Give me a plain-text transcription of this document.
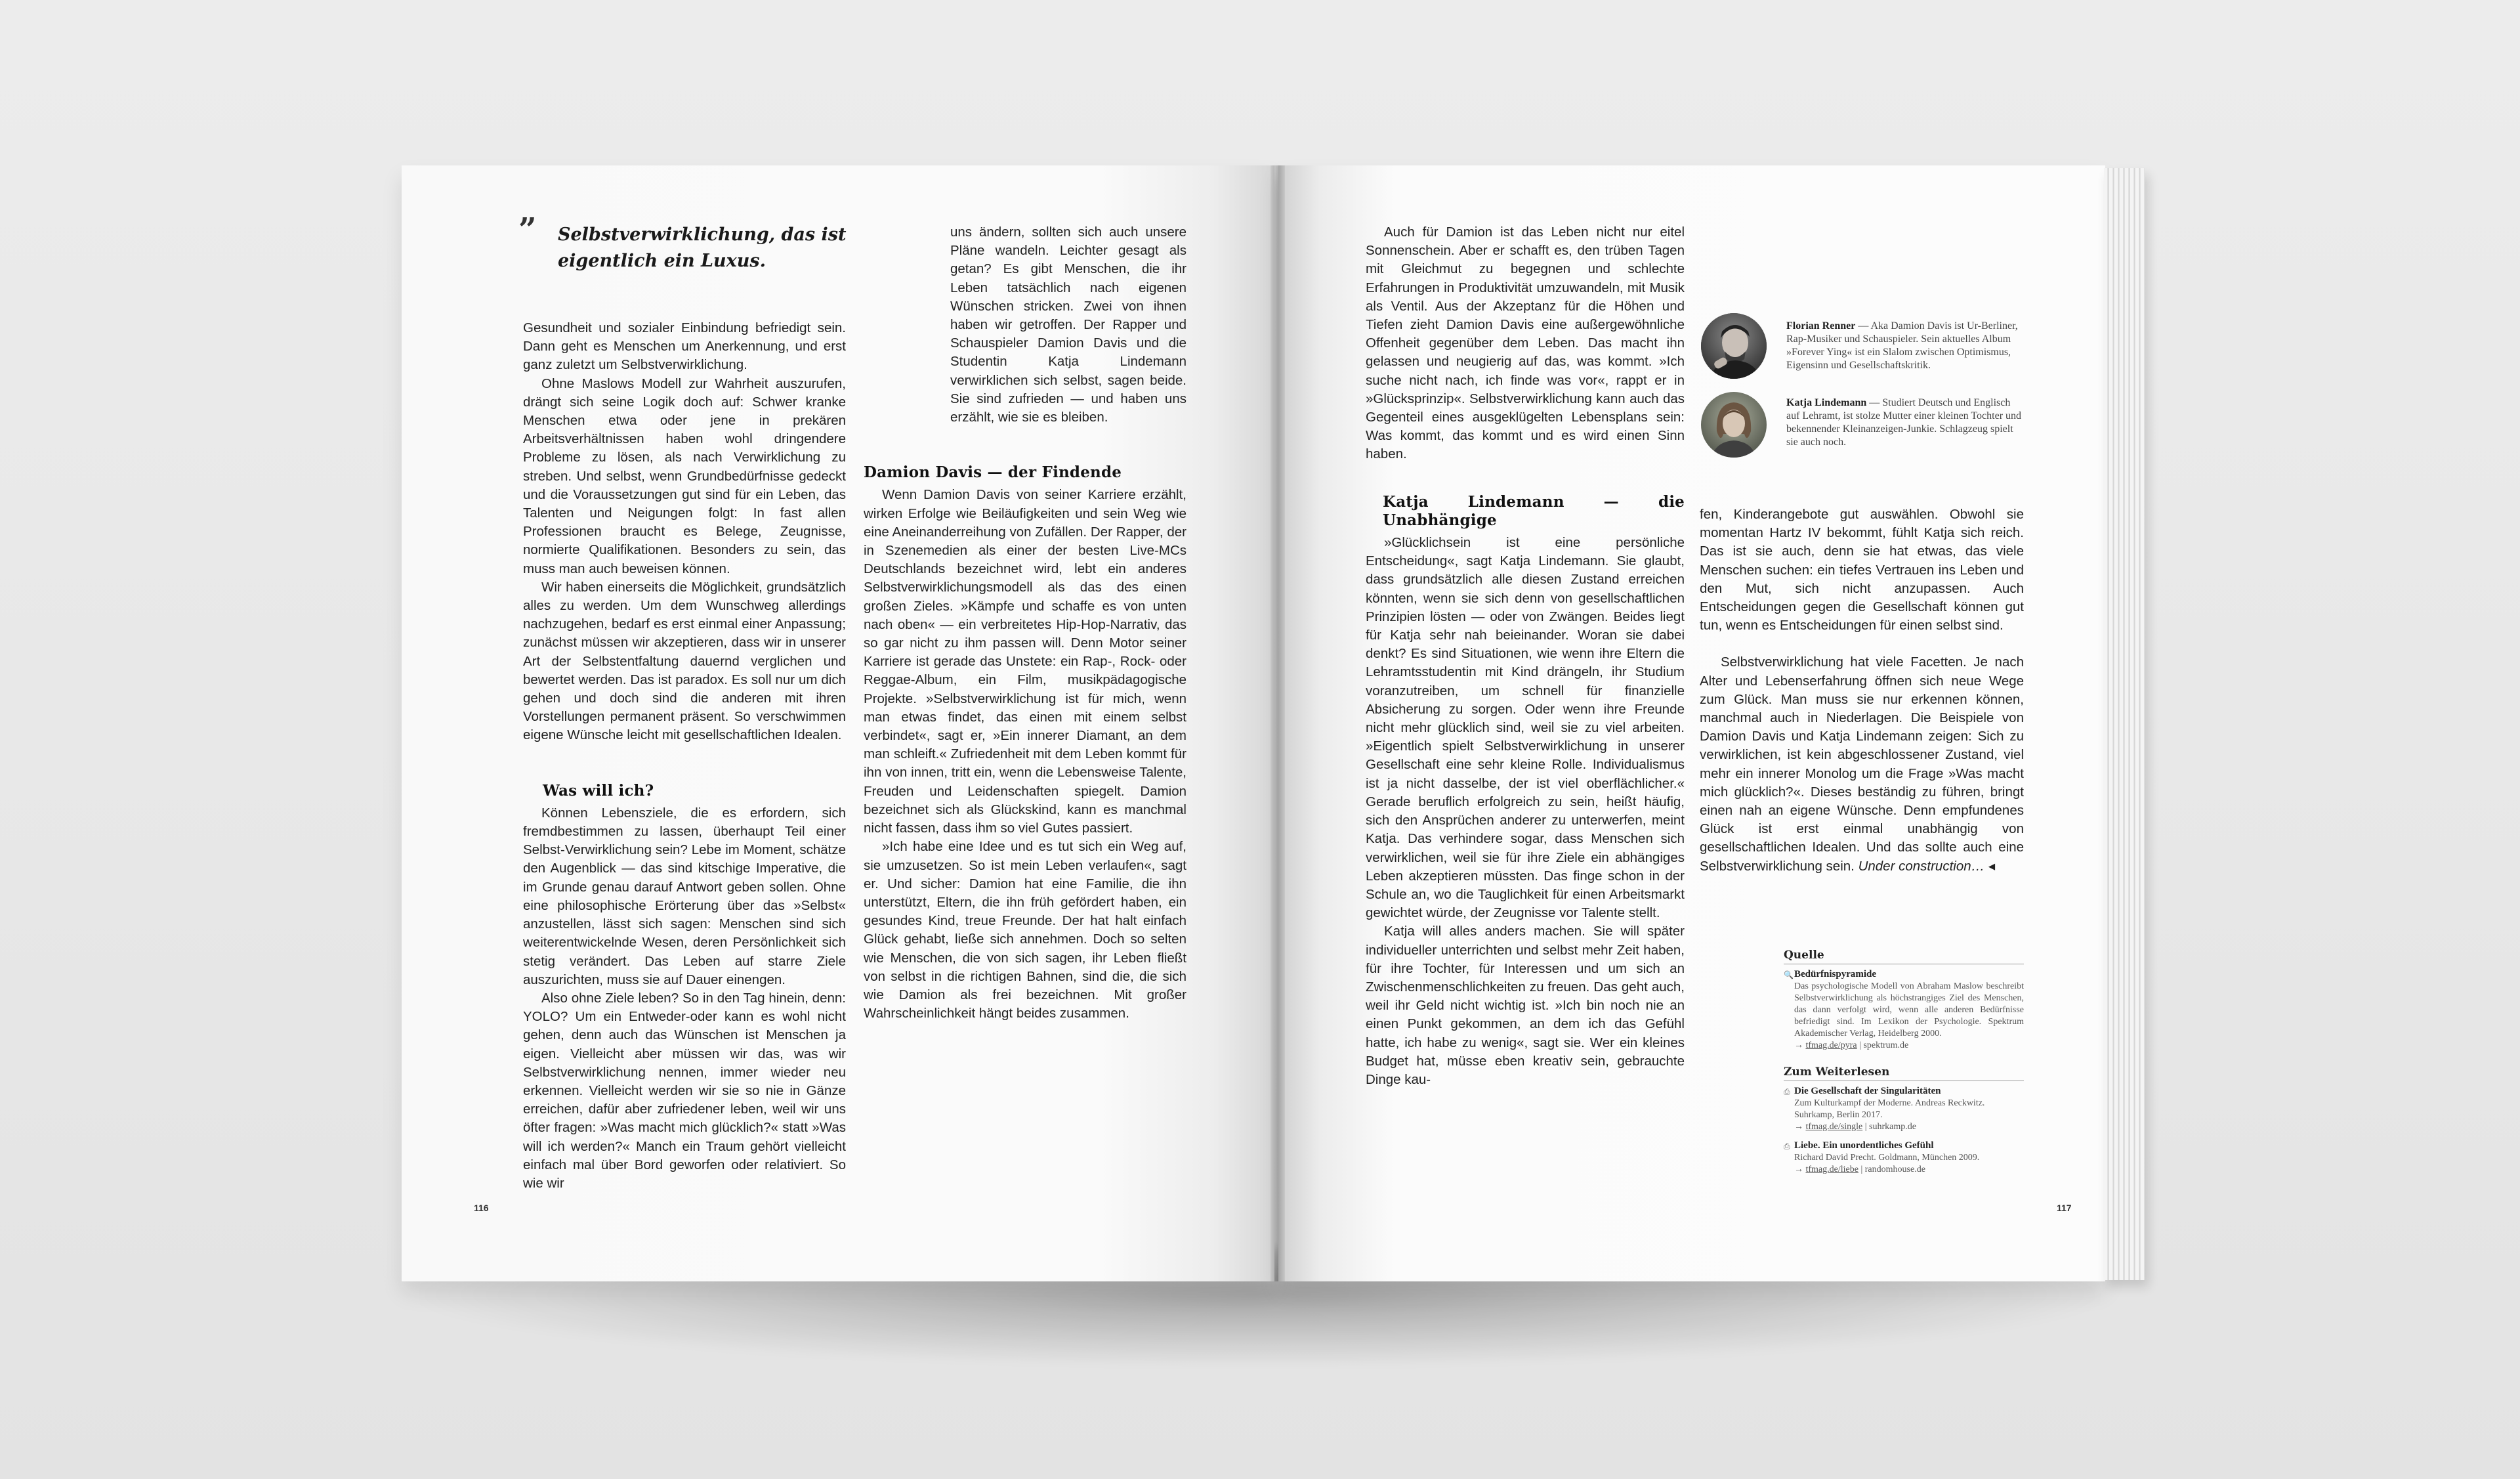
” Selbstverwirklichung, das ist eigentlich ein Luxus.

Gesundheit und sozialer Einbindung befriedigt sein. Dann geht es Menschen um Anerkennung, und erst ganz zuletzt um Selbstverwirklichung.

Ohne Maslows Modell zur Wahrheit auszurufen, drängt sich seine Logik doch auf: Schwer kranke Menschen etwa oder jene in prekären Arbeitsverhältnissen haben wohl dringendere Probleme zu lösen, als nach Verwirklichung zu streben. Und selbst, wenn Grundbedürfnisse gedeckt und die Voraussetzungen gut sind für ein Leben, das Talenten und Neigungen folgt: In fast allen Professionen braucht es Belege, Zeugnisse, normierte Qualifikationen. Besonders zu sein, das muss man auch beweisen können.

Wir haben einerseits die Möglichkeit, grundsätzlich alles zu werden. Um dem Wunschweg allerdings nachzugehen, bedarf es erst einmal einer Anpassung; zunächst müssen wir akzeptieren, dass wir in unserer Art der Selbstentfaltung dauernd verglichen und bewertet werden. Das ist paradox. Es soll nur um dich gehen und doch sind die anderen mit ihren Vorstellungen permanent präsent. So verschwimmen eigene Wünsche leicht mit gesellschaftlichen Idealen.

Was will ich?

Können Lebensziele, die es erfordern, sich fremdbestimmen zu lassen, überhaupt Teil einer Selbst-Verwirklichung sein? Lebe im Moment, schätze den Augenblick — das sind kitschige Imperative, die im Grunde genau darauf Antwort geben sollen. Ohne eine philosophische Erörterung über das »Selbst« anzustellen, lässt sich sagen: Menschen sind sich weiterentwickelnde Wesen, deren Persönlichkeit sich stetig verändert. Das Leben auf starre Ziele auszurichten, muss sie auf Dauer einengen.

Also ohne Ziele leben? So in den Tag hinein, denn: YOLO? Um ein Entweder-oder kann es wohl nicht gehen, denn auch das Wünschen ist Menschen ja eigen. Vielleicht aber müssen wir das, was wir Selbstverwirklichung nennen, immer wieder neu erkennen. Vielleicht werden wir sie so nie in Gänze erreichen, dafür aber zufriedener leben, weil wir uns öfter fragen: »Was macht mich glücklich?« statt »Was will ich werden?« Manch ein Traum gehört vielleicht einfach mal über Bord geworfen oder relativiert. So wie wir

uns ändern, sollten sich auch unsere Pläne wandeln. Leichter gesagt als getan? Es gibt Menschen, die ihr Leben tatsächlich nach eigenen Wünschen stricken. Zwei von ihnen haben wir getroffen. Der Rapper und Schauspieler Damion Davis und die Studentin Katja Lindemann verwirklichen sich selbst, sagen beide. Sie sind zufrieden — und haben uns erzählt, wie sie es bleiben.

Damion Davis — der Findende

Wenn Damion Davis von seiner Karriere erzählt, wirken Erfolge wie Beiläufigkeiten und sein Weg wie eine Aneinanderreihung von Zufällen. Der Rapper, der in Szenemedien als einer der besten Live-MCs Deutschlands bezeichnet wird, lebt ein anderes Selbstverwirklichungsmodell als das des einen großen Zieles. »Kämpfe und schaffe es von unten nach oben« — ein verbreitetes Hip-Hop-Narrativ, das so gar nicht zu ihm passen will. Denn Motor seiner Karriere ist gerade das Unstete: ein Rap-, Rock- oder Reggae-Album, ein Film, musikpädagogische Projekte. »Selbstverwirklichung ist für mich, wenn man etwas findet, das einen mit einem selbst verbindet«, sagt er, »Ein innerer Diamant, an dem man schleift.« Zufriedenheit mit dem Leben kommt für ihn von innen, tritt ein, wenn die Lebensweise Talente, Freuden und Leidenschaften spiegelt. Damion bezeichnet sich als Glückskind, kann es manchmal nicht fassen, dass ihm so viel Gutes passiert.

»Ich habe eine Idee und es tut sich ein Weg auf, sie umzusetzen. So ist mein Leben verlaufen«, sagt er. Und sicher: Damion hat eine Familie, die ihn unterstützt, Eltern, die ihn früh gefördert haben, ein gesundes Kind, treue Freunde. Der hat halt einfach Glück gehabt, ließe sich annehmen. Doch so selten wie Menschen, die von sich sagen, ihr Leben fließt von selbst in die richtigen Bahnen, sind die, die sich wie Damion als frei bezeichnen. Mit großer Wahrscheinlichkeit hängt beides zusammen.

116

Auch für Damion ist das Leben nicht nur eitel Sonnenschein. Aber er schafft es, den trüben Tagen mit Gleichmut zu begegnen und schlechte Erfahrungen in Produktivität umzuwandeln, mit Musik als Ventil. Aus der Akzeptanz für die Höhen und Tiefen zieht Damion Davis eine außergewöhnliche Offenheit gegenüber dem Leben. Das macht ihn gelassen und neugierig auf das, was kommt. »Ich suche nicht nach, ich finde was vor«, rappt er in »Glücksprinzip«. Selbstverwirklichung kann auch das Gegenteil eines ausgeklügelten Lebensplans sein: Was kommt, das kommt und es wird einen Sinn haben.

Katja Lindemann — die Unabhängige

»Glücklichsein ist eine persönliche Entscheidung«, sagt Katja Lindemann. Sie glaubt, dass grundsätzlich alle diesen Zustand erreichen könnten, wenn sie sich denn von gesellschaftlichen Prinzipien lösten — oder von Zwängen. Beides liegt für Katja sehr nah beieinander. Woran sie dabei denkt? Es sind Situationen, wie wenn ihre Eltern die Lehramtsstudentin mit Kind drängeln, ihr Studium voranzutreiben, um schnell für finanzielle Absicherung zu sorgen. Oder wenn ihre Freunde nicht mehr glücklich sind, weil sie zu viel arbeiten. »Eigentlich spielt Selbstverwirklichung in unserer Gesellschaft eine sehr kleine Rolle. Individualismus ist ja nicht dasselbe, der ist viel oberflächlicher.« Gerade beruflich erfolgreich zu sein, heißt häufig, sich den Ansprüchen anderer zu unterwerfen, meint Katja. Das verhindere sogar, dass Menschen sich verwirklichen, weil sie für ihre Ziele ein abhängiges Leben akzeptieren müssten. Das finge schon in der Schule an, wo die Tauglichkeit für einen Arbeitsmarkt gewichtet würde, der Zeugnisse vor Talente stellt.

Katja will alles anders machen. Sie will später individueller unterrichten und selbst mehr Zeit haben, für ihre Tochter, für Interessen und um sich an Zwischenmenschlichkeiten zu freuen. Das geht auch, weil ihr Geld nicht wichtig ist. »Ich bin noch nie an einen Punkt gekommen, an dem ich das Gefühl hatte, ich habe zu wenig«, sagt sie. Wer ein kleines Budget hat, müsse eben kreativ sein, gebrauchte Dinge kau-

Florian Renner — Aka Damion Davis ist Ur-Berliner, Rap-Musiker und Schauspieler. Sein aktuelles Album »Forever Ying« ist ein Slalom zwischen Optimismus, Eigensinn und Gesellschaftskritik.
Katja Lindemann — Studiert Deutsch und Englisch auf Lehramt, ist stolze Mutter einer kleinen Tochter und bekennender Kleinanzeigen-Junkie. Schlagzeug spielt sie auch noch.

fen, Kinderangebote gut auswählen. Obwohl sie momentan Hartz IV bekommt, fühlt Katja sich reich. Das ist sie auch, denn sie hat etwas, das viele Menschen suchen: ein tiefes Vertrauen ins Leben und den Mut, sich nicht anzupassen. Auch Entscheidungen gegen die Gesellschaft können gut tun, wenn es Entscheidungen für einen selbst sind.

Selbstverwirklichung hat viele Facetten. Je nach Alter und Lebenserfahrung öffnen sich neue Wege zum Glück. Man muss sie nur erkennen können, manchmal auch in Niederlagen. Die Beispiele von Damion Davis und Katja Lindemann zeigen: Sich zu verwirklichen, ist kein abgeschlossener Zustand, viel mehr ein innerer Monolog um die Frage »Was macht mich glücklich?«. Dieses beständig zu führen, bringt einen nah an eigene Wünsche. Denn empfundenes Glück ist erst einmal unabhängig von gesellschaftlichen Idealen. Und das sollte auch eine Selbstverwirklichung sein. Under construction… ◂

Quelle
🔍 Bedürfnispyramide
Das psychologische Modell von Abraham Maslow beschreibt Selbstverwirklichung als höchstrangiges Ziel des Menschen, das dann verfolgt wird, wenn alle anderen Bedürfnisse befriedigt sind. Im Lexikon der Psychologie. Spektrum Akademischer Verlag, Heidelberg 2000.
→ tfmag.de/pyra | spektrum.de
Zum Weiterlesen
⎙ Die Gesellschaft der Singularitäten
Zum Kulturkampf der Moderne. Andreas Reckwitz. Suhrkamp, Berlin 2017.
→ tfmag.de/single | suhrkamp.de
⎙ Liebe. Ein unordentliches Gefühl
Richard David Precht. Goldmann, München 2009.
→ tfmag.de/liebe | randomhouse.de
117
